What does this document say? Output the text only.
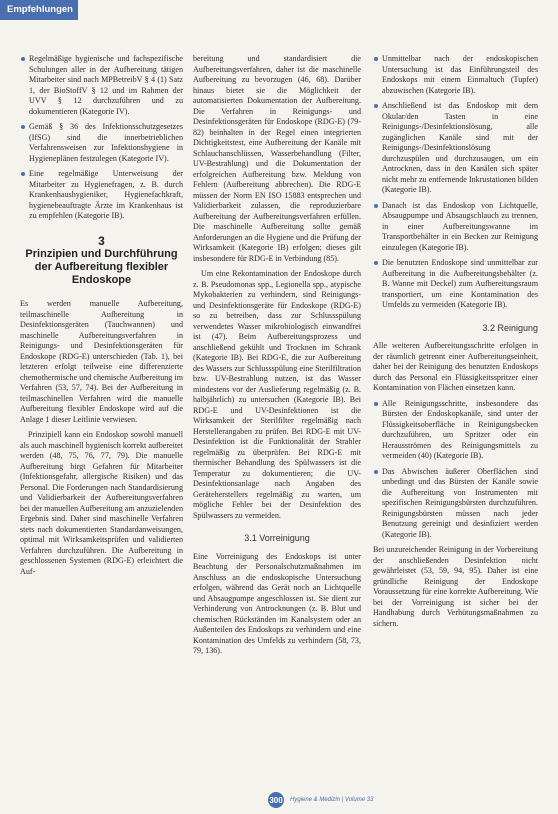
Empfehlungen
Regelmäßige hygienische und fachspezifische Schulungen aller in der Aufbereitung tätigen Mitarbeiter sind nach MPBetreibV § 4 (1) Satz 1, der BioStoffV § 12 und im Rahmen der UVV § 12 durchzuführen und zu dokumentieren (Kategorie IV).
Gemäß § 36 des Infektionsschutzgesetzes (IfSG) sind die innerbetrieblichen Verfahrensweisen zur Infektionshygiene in Hygieneplänen festzulegen (Kategorie IV).
Eine regelmäßige Unterweisung der Mitarbeiter zu Hygienefragen, z. B. durch Krankenhaushygieniker, Hygienefachkraft, hygienebeauftragte Ärzte im Krankenhaus ist zu empfehlen (Kategorie IB).
3
Prinzipien und Durchführung der Aufbereitung flexibler Endoskope

Es werden manuelle Aufbereitung, teilmaschinelle Aufbereitung in Desinfektionsgeräten (Tauchwannen) und maschinelle Aufbereitungsverfahren in Reinigungs- und Desinfektionsgeräten für Endoskope (RDG-E) unterschieden (Tab. 1), bei letzteren erfolgt teilweise eine differenzierte chemothermische und chemische Aufbereitung im Verfahren (53, 57, 74). Bei der Aufbereitung in teilmaschinellen Verfahren wird die manuelle Aufbereitung flexibler Endoskope wird auf die Anlage 1 dieser Leitlinie verwiesen.

Prinzipiell kann ein Endoskop sowohl manuell als auch maschinell hygienisch korrekt aufbereitet werden (48, 75, 76, 77, 79). Die manuelle Aufbereitung birgt Gefahren für Mitarbeiter (Infektionsgefahr, allergische Risiken) und das Personal. Die Forderungen nach Standardisierung und Validierbarkeit der Aufbereitungsverfahren bei der manuellen Aufbereitung am anzuzielenden Ergebnis sind. Daher sind maschinelle Verfahren stets nach dokumentierten Standardanweisungen, optimal mit Wirksamkeitsprüfen und validierten Verfahren durchzuführen. Die Aufbereitung in geschlossenen Systemen (RDG-E) erleichtert die Auf-

bereitung und standardisiert die Aufbereitungsverfahren, daher ist die maschinelle Aufbereitung zu bevorzugen (46, 68). Darüber hinaus bietet sie die Möglichkeit der automatisierten Dokumentation der Aufbereitung. Die Verfahren in Reinigungs- und Desinfektionsgeräten für Endoskope (RDG-E) (79-82) beinhalten in der Regel einen integrierten Dichtigkeitstest, eine Aufbereitung der Kanäle mit Schlauchanschlüssen, Wasserbehandlung (Filter, UV-Bestrahlung) und die Dokumentation der erfolgreichen Aufbereitung bzw. Meldung von Fehlern (Aufbereitung abbrechen). Die RDG-E müssen der Norm EN ISO 15883 entsprechen und Validierbarkeit zulassen, die reproduzierbare Aufbereitung der Aufbereitungsverfahren erfüllen. Die maschinelle Aufbereitung sollte gemäß Anforderungen an die Hygiene und die Prüfung der Wirksamkeit (Kategorie IB) erfolgen; dieses gilt insbesondere für RDG-E in Verbindung (85).

Um eine Rekontamination der Endoskope durch z. B. Pseudomonas spp., Legionella spp., atypische Mykobakterien zu verhindern, sind Reinigungs- und Desinfektionsgeräte für Endoskope (RDG-E) so zu betreiben, dass zur Schlussspülung verwendetes Wasser mikrobiologisch einwandfrei ist (47). Beim Aufbereitungsprozess und anschließend gekühlt und Trocknen im Schrank (Kategorie IB). Bei RDG-E, die zur Aufbereitung des Wassers zur Schlussspülung eine Sterilfiltration bzw. UV-Bestrahlung nutzen, ist das Wasser mindestens vor der Auslieferung regelmäßig (z. B. halbjährlich) zu untersuchen (Kategorie IB). Bei RDG-E und UV-Desinfektionen ist die Wirksamkeit der Sterilfilter regelmäßig nach Herstellerangaben zu prüfen. Bei RDG-E mit UV-Desinfektion ist die Funktionalität der Strahler regelmäßig zu überprüfen. Bei RDG-E mit thermischer Behandlung des Spülwassers ist die Temperatur zu dokumentieren; die UV-Desinfektionsanlage nach Angaben des Geräteherstellers regelmäßig zu warten, um mögliche Fehler bei der Desinfektion des Spülwassers zu vermeiden.

3.1 Vorreinigung

Eine Vorreinigung des Endoskops ist unter Beachtung der Personalschutzmaßnahmen im Anschluss an die endoskopische Untersuchung erfolgen, während das Gerät noch an Lichtquelle und Absaugpumpe angeschlossen ist. Sie dient zur Verhinderung von Antrocknungen (z. B. Blut und chemischen Rückständen im Kanalsystem oder an Außenteilen des Endoskops zu verhindern und eine Kontamination des Umfelds zu verhindern (58, 73, 79, 136).

Unmittelbar nach der endoskopischen Untersuchung ist das Einführungsteil des Endoskops mit einem Einmaltuch (Tupfer) abzuwischen (Kategorie IB).
Anschließend ist das Endoskop mit dem Okular/den Tasten in eine Reinigungs-/Desinfektionslösung, alle zugänglichen Kanäle sind mit der Reinigungs-/Desinfektionslösung durchzuspülen und durchzusaugen, um ein Antrocknen, dass in den Kanälen sich später nicht mehr zu entfernende Inkrustationen bilden (Kategorie IB).
Danach ist das Endoskop von Lichtquelle, Absaugpumpe und Absaugschlauch zu trennen, in einer Aufbereitungswanne im Transportbehälter in ein Becken zur Reinigung einzulegen (Kategorie IB).
Die benutzten Endoskope sind unmittelbar zur Aufbereitung in die Aufbereitungsbehälter (z. B. Wanne mit Deckel) zum Aufbereitungsraum transportiert, um eine Kontamination des Umfelds zu vermeiden (Kategorie IB).
3.2 Reinigung

Alle weiteren Aufbereitungsschritte erfolgen in der räumlich getrennt einer Aufbereitungseinheit, daher bei der Reinigung des benutzten Endoskops durch das Personal ein Flüssigkeitsspritzer einer Kontamination von Flächen einsetzen kann.

Alle Reinigungsschritte, insbesondere das Bürsten der Endoskopkanäle, sind unter der Flüssigkeitsoberfläche in Reinigungsbecken durchzuführen, um Spritzer oder ein Herausströmen des Reinigungsmittels zu vermeiden (40) (Kategorie IB).
Das Abwischen äußerer Oberflächen sind unbedingt und das Bürsten der Kanäle sowie die Aufbereitung von Instrumenten mit spezifischen Reinigungsbürsten durchzuführen. Reinigungsbürsten müssen nach jeder Benutzung gereinigt und desinfiziert werden (Kategorie IB).

Bei unzureichender Reinigung in der Vorbereitung der anschließenden Desinfektion nicht gewährleistet (53, 59, 94, 95). Daher ist eine gründliche Reinigung der Endoskope Voraussetzung für eine korrekte Aufbereitung. Wie bei der Vorreinigung ist sicher bei der Handhabung durch Verhütungsmaßnahmen zu sichern.

300 Hygiene & Medizin | Volume 33
